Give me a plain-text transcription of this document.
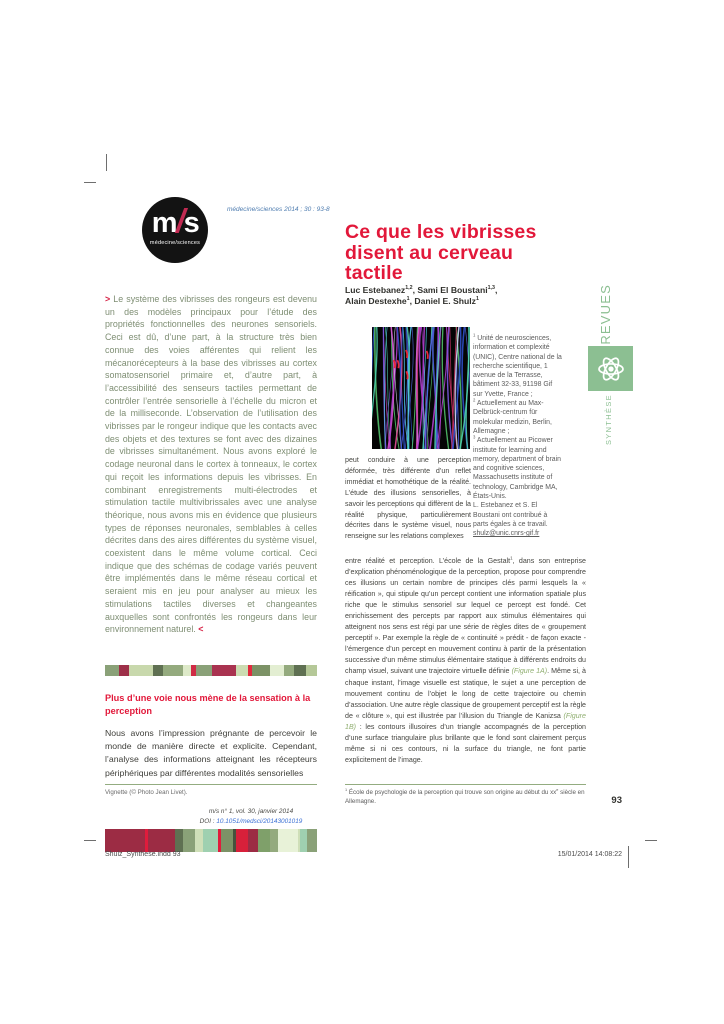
m/s
médecine/sciences
médecine/sciences 2014 ; 30 : 93-8
Ce que les vibrisses
disent au cerveau
tactile
Luc Estebanez$^{1,2}$, Sami El Boustani$^{1,3}$,
Alain Destexhe$^1$, Daniel E. Shulz$^1$
> Le système des vibrisses des rongeurs est devenu un des modèles principaux pour l’étude des propriétés fonctionnelles des neurones sensoriels. Ceci est dû, d’une part, à la structure très bien connue des voies afférentes qui relient les mécanorécepteurs à la base des vibrisses au cortex somatosensoriel primaire et, d’autre part, à l’accessibilité des senseurs tactiles permettant de contrôler l’entrée sensorielle à l’échelle du micron et de la milliseconde. L’observation de l’utilisation des vibrisses par le rongeur indique que les contacts avec des objets et des textures se font avec des dizaines de vibrisses simultanément. Nous avons exploré le codage neuronal dans le cortex à tonneaux, le cortex qui reçoit les informations depuis les vibrisses. En combinant enregistrements multi-électrodes et stimulation tactile multivibrissales avec une analyse théorique, nous avons mis en évidence que plusieurs types de réponses neuronales, semblables à celles décrites dans des aires différentes du système visuel, coexistent dans le même volume cortical. Ceci indique que des schémas de codage variés peuvent être implémentés dans le même réseau cortical et seraient mis en jeu pour analyser au mieux les stimulations tactiles diverses et changeantes auxquelles sont confrontés les rongeurs dans leur environnement naturel. <

$^1$ Unité de neurosciences, information et complexité (UNIC), Centre national de la recherche scientifique, 1 avenue de la Terrasse, bâtiment 32-33, 91198 Gif sur Yvette, France ;

$^2$ Actuellement au Max-Delbrück-centrum für molekular medizin, Berlin, Allemagne ;

$^3$ Actuellement au Picower institute for learning and memory, department of brain and cognitive sciences, Massachusetts institute of technology, Cambridge MA, États-Unis.

L. Estebanez et S. El Boustani ont contribué à parts égales à ce travail.

shulz@unic.cnrs-gif.fr

peut conduire à une perception déformée, très différente d’un reflet immédiat et homothétique de la réalité. L’étude des illusions sensorielles, à savoir les perceptions qui diffèrent de la réalité physique, particulièrement décrites dans le système visuel, nous renseigne sur les relations complexes
entre réalité et perception. L’école de la Gestalt$^1$, dans son entreprise d’explication phénoménologique de la perception, propose pour comprendre ces illusions un certain nombre de principes clés parmi lesquels la « réification », qui stipule qu’un percept contient une information spatiale plus riche que le stimulus sensoriel sur lequel ce percept est fondé. Cet enrichissement des percepts par rapport aux stimulus élémentaires qui atteignent nos sens est régi par une série de règles dites de « groupement perceptif ». Par exemple la règle de « continuité » prédit - de façon exacte - l’émergence d’un percept en mouvement continu à partir de la présentation successive d’un même stimulus élémentaire statique à différents endroits du champ visuel, suivant une trajectoire virtuelle définie (Figure 1A). Même si, à chaque instant, l’image visuelle est statique, le sujet a une perception de mouvement continu de l’objet le long de cette trajectoire ou chemin d’association. Une autre règle classique de groupement perceptif est la règle de « clôture », qui est illustrée par l’illusion du Triangle de Kanizsa (Figure 1B) : les contours illusoires d’un triangle accompagnés de la perception d’une surface triangulaire plus brillante que le fond sont clairement perçus même si ni ces contours, ni la surface du triangle, ne font partie explicitement de l’image.
Plus d’une voie nous mène de la sensation à la perception
Nous avons l’impression prégnante de percevoir le monde de manière directe et explicite. Cependant, l’analyse des informations atteignant les récepteurs périphériques par différentes modalités sensorielles
Vignette (© Photo Jean Livet).	$^1$ École de psychologie de la perception qui trouve son origine au début du $xx^e$ siècle en Allemagne.	93
m/s n° 1, vol. 30, janvier 2014
DOI : 10.1051/medsci/20143001019
Shulz_Synthese.indd 93	15/01/2014 14:08:22
REVUES
SYNTHÈSE
